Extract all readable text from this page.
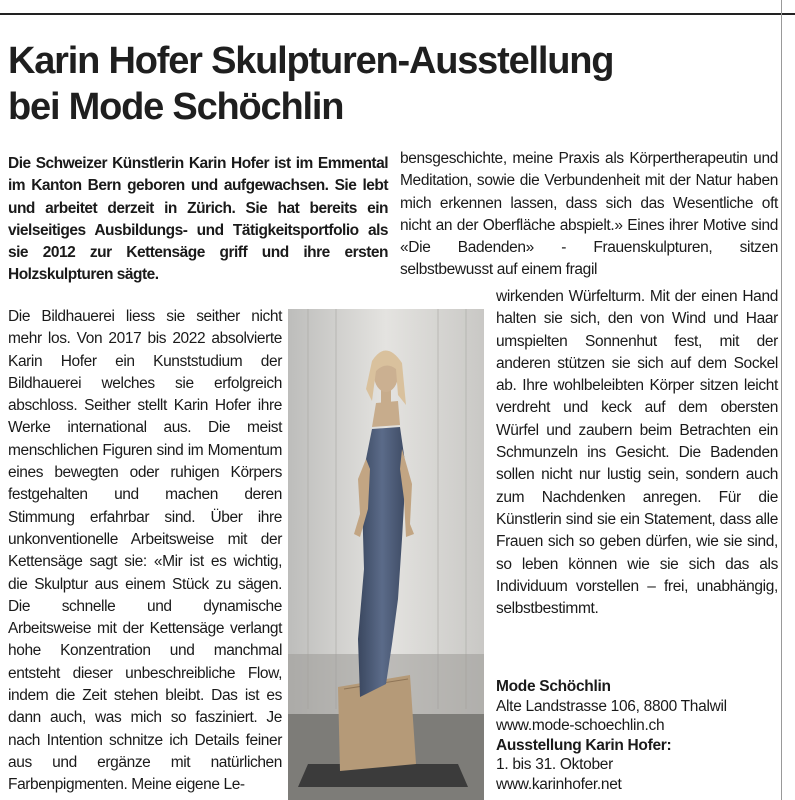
Karin Hofer Skulpturen-Ausstellung
bei Mode Schöchlin

Die Schweizer Künstlerin Karin Hofer ist im Emmental im Kanton Bern geboren und aufgewachsen. Sie lebt und arbeitet derzeit in Zürich. Sie hat bereits ein vielseitiges Ausbildungs- und Tätigkeitsportfolio als sie 2012 zur Kettensäge griff und ihre ersten Holzskulpturen sägte.

Die Bildhauerei liess sie seither nicht mehr los. Von 2017 bis 2022 absolvierte Karin Hofer ein Kunststudium der Bildhauerei welches sie erfolgreich abschloss. Seither stellt Karin Hofer ihre Werke international aus. Die meist menschlichen Figuren sind im Momentum eines bewegten oder ruhigen Körpers festgehalten und machen deren Stimmung erfahrbar sind. Über ihre unkonventionelle Arbeitsweise mit der Kettensäge sagt sie: «Mir ist es wichtig, die Skulptur aus einem Stück zu sägen. Die schnelle und dynamische Arbeitsweise mit der Kettensäge verlangt hohe Konzentration und manchmal entsteht dieser unbeschreibliche Flow, indem die Zeit stehen bleibt. Das ist es dann auch, was mich so fasziniert. Je nach Intention schnitze ich Details feiner aus und ergänze mit natürlichen Farbenpigmenten. Meine eigene Le-

bensgeschichte, meine Praxis als Körpertherapeutin und Meditation, sowie die Verbundenheit mit der Natur haben mich erkennen lassen, dass sich das Wesentliche oft nicht an der Oberfläche abspielt.» Eines ihrer Motive sind «Die Badenden» - Frauenskulpturen, sitzen selbstbewusst auf einem fragil

wirkenden Würfelturm. Mit der einen Hand halten sie sich, den von Wind und Haar umspielten Sonnenhut fest, mit der anderen stützen sie sich auf dem Sockel ab. Ihre wohlbeleibten Körper sitzen leicht verdreht und keck auf dem obersten Würfel und zaubern beim Betrachten ein Schmunzeln ins Gesicht. Die Badenden sollen nicht nur lustig sein, sondern auch zum Nachdenken anregen. Für die Künstlerin sind sie ein Statement, dass alle Frauen sich so geben dürfen, wie sie sind, so leben können wie sie sich das als Individuum vorstellen – frei, unabhängig, selbstbestimmt.

Mode Schöchlin
Alte Landstrasse 106, 8800 Thalwil
www.mode-schoechlin.ch
Ausstellung Karin Hofer:
1. bis 31. Oktober
www.karinhofer.net
